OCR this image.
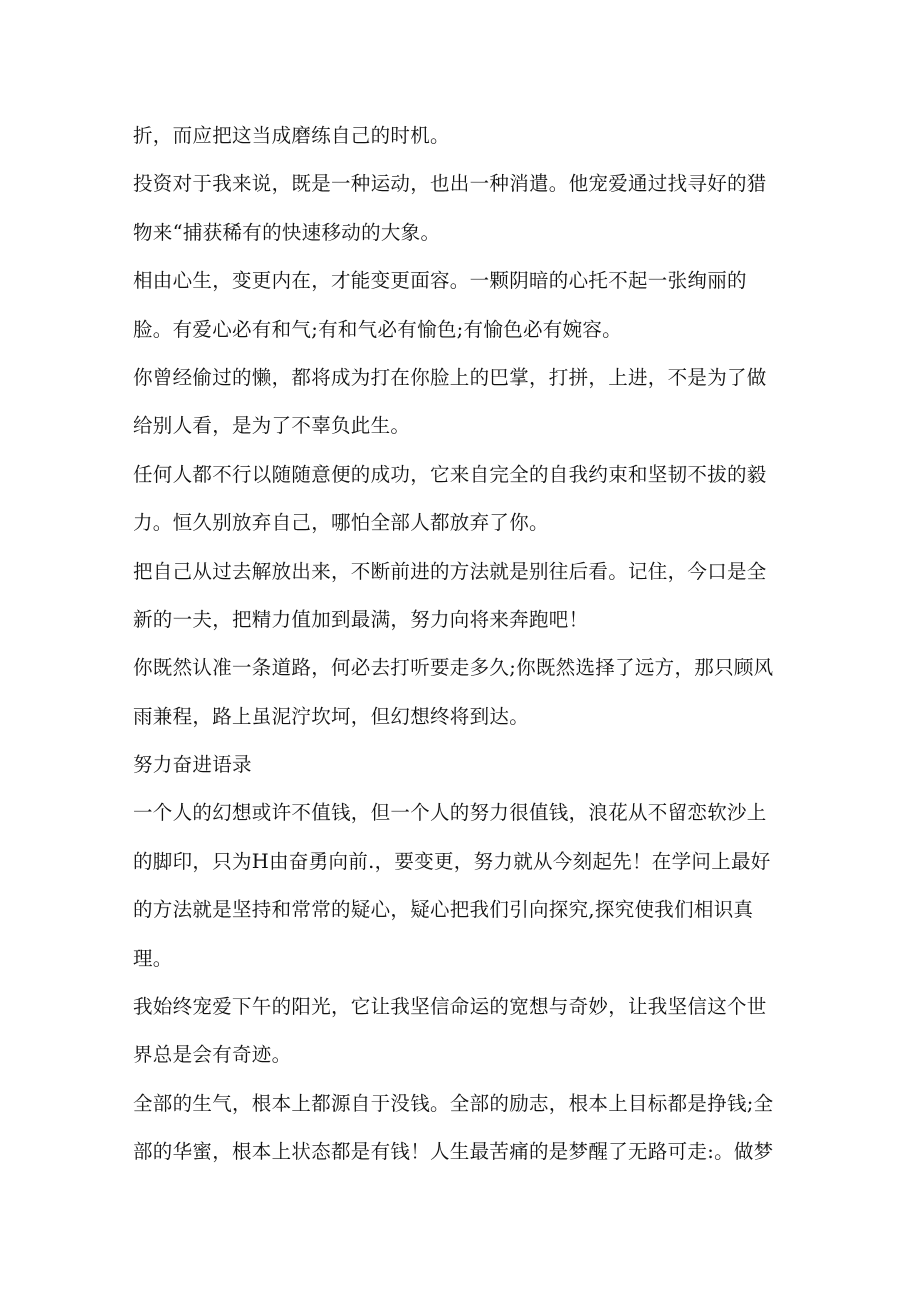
折，而应把这当成磨练自己的时机。
投资对于我来说，既是一种运动，也出一种消遣。他宠爱通过找寻好的猎
物来“捕获稀有的快速移动的大象。
相由心生，变更内在，才能变更面容。一颗阴暗的心托不起一张绚丽的
脸。有爱心必有和气;有和气必有愉色;有愉色必有婉容。
你曾经偷过的懒，都将成为打在你脸上的巴掌，打拼，上进，不是为了做
给别人看，是为了不辜负此生。
任何人都不行以随随意便的成功，它来自完全的自我约束和坚韧不拔的毅
力。恒久别放弃自己，哪怕全部人都放弃了你。
把自己从过去解放出来，不断前进的方法就是别往后看。记住，今口是全
新的一夫，把精力值加到最满，努力向将来奔跑吧！
你既然认准一条道路，何必去打听要走多久;你既然选择了远方，那只顾风
雨兼程，路上虽泥泞坎坷，但幻想终将到达。
努力奋进语录
一个人的幻想或许不值钱，但一个人的努力很值钱，浪花从不留恋软沙上
的脚印，只为H由奋勇向前.，要变更，努力就从今刻起先！在学问上最好
的方法就是坚持和常常的疑心，疑心把我们引向探究,探究使我们相识真
理。
我始终宠爱下午的阳光，它让我坚信命运的宽想与奇妙，让我坚信这个世
界总是会有奇迹。
全部的生气，根本上都源自于没钱。全部的励志，根本上目标都是挣钱;全
部的华蜜，根本上状态都是有钱！人生最苦痛的是梦醒了无路可走:。做梦
